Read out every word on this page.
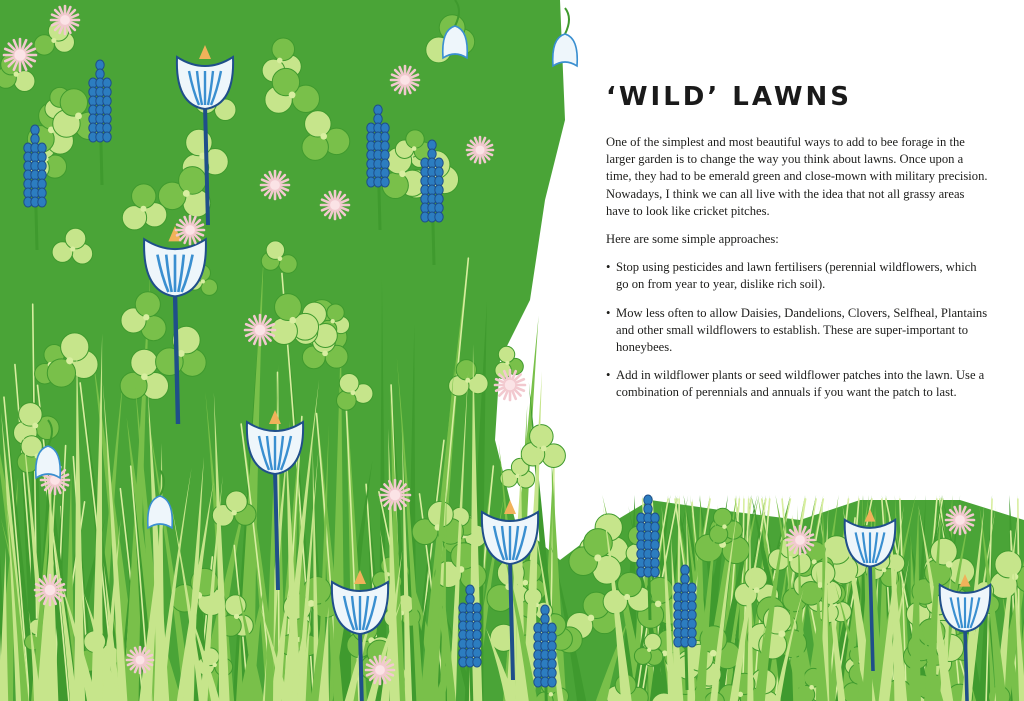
‘WILD’ LAWNS

One of the simplest and most beautiful ways to add to bee forage in the larger garden is to change the way you think about lawns. Once upon a time, they had to be emerald green and close-mown with military precision. Nowadays, I think we can all live with the idea that not all grassy areas have to look like cricket pitches.

Here are some simple approaches:

• Stop using pesticides and lawn fertilisers (perennial wildflowers, which go on from year to year, dislike rich soil).
• Mow less often to allow Daisies, Dandelions, Clovers, Selfheal, Plantains and other small wildflowers to establish. These are super-important to honeybees.
• Add in wildflower plants or seed wildflower patches into the lawn. Use a combination of perennials and annuals if you want the patch to last.
